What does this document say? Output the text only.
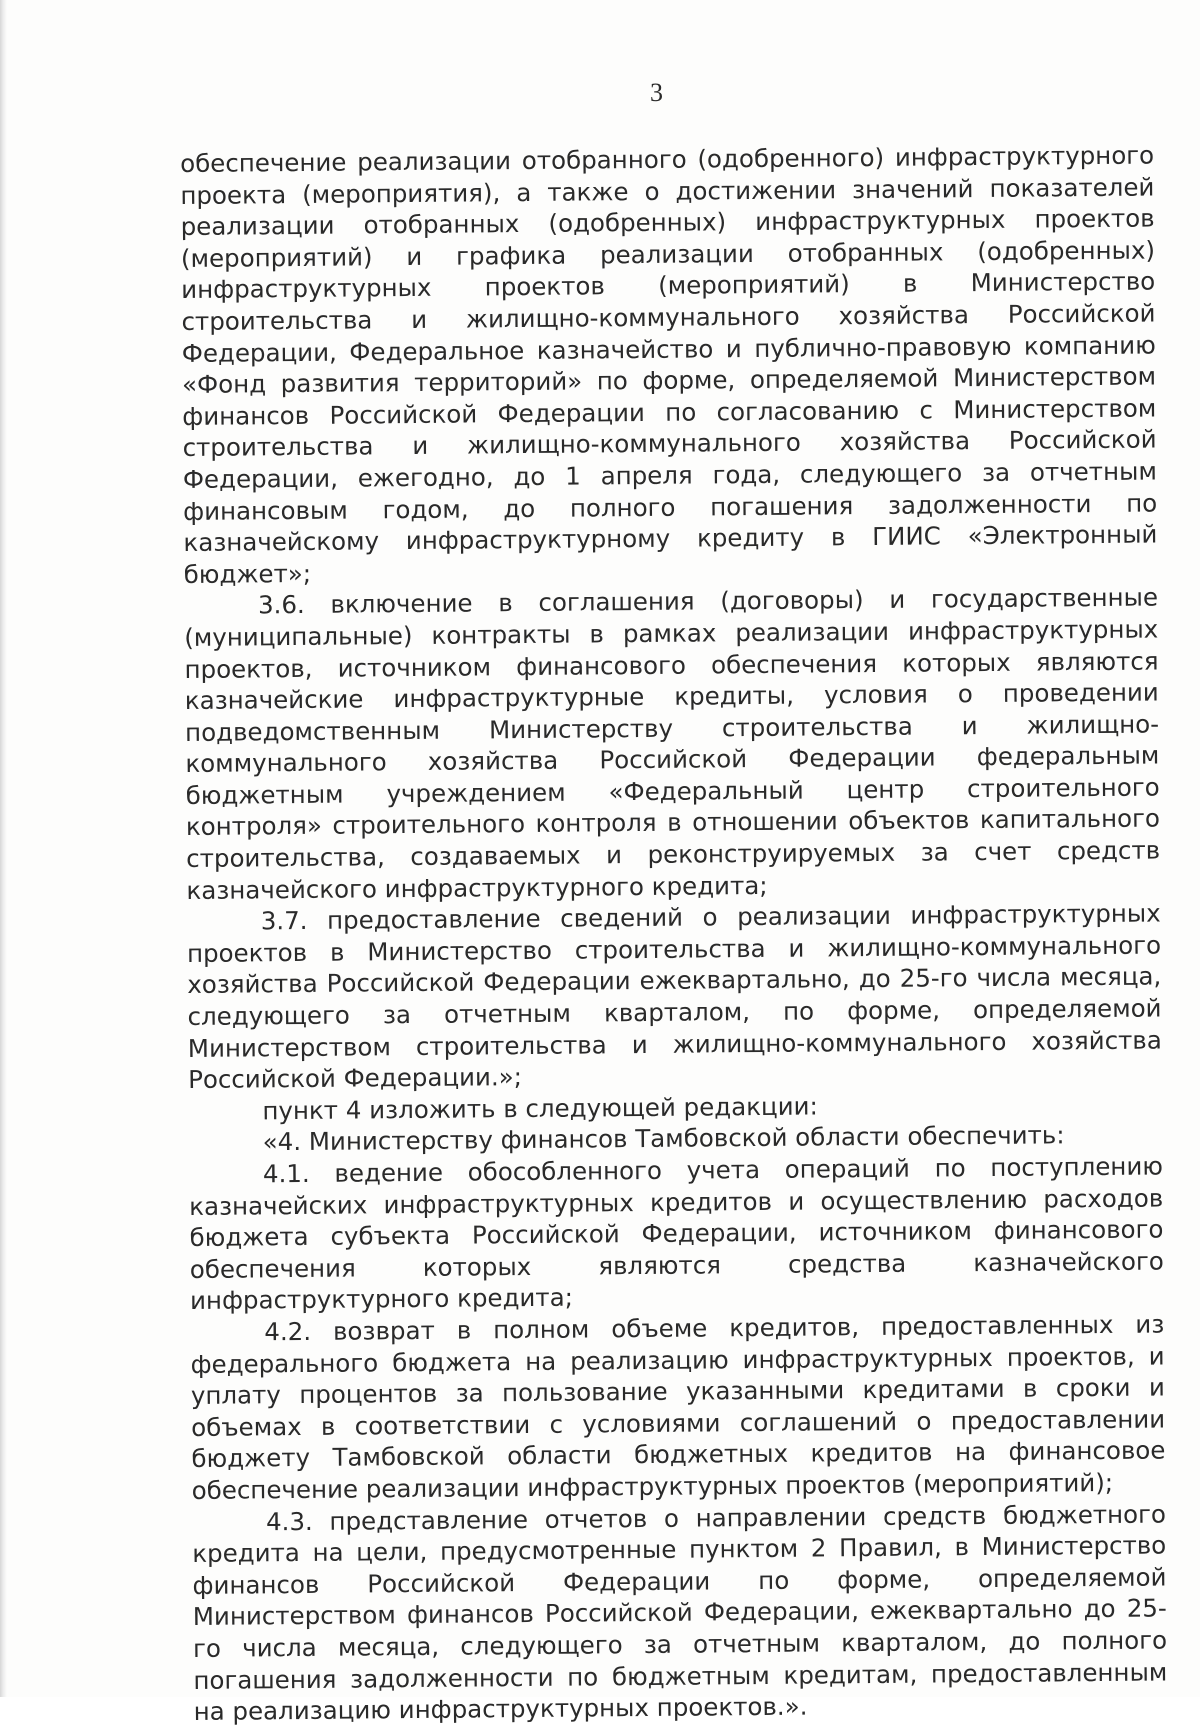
3

обеспечение реализации отобранного (одобренного) инфраструктурного проекта (мероприятия), а также о достижении значений показателей реализации отобранных (одобренных) инфраструктурных проектов (мероприятий) и графика реализации отобранных (одобренных) инфраструктурных проектов (мероприятий) в Министерство строительства и жилищно-коммунального хозяйства Российской Федерации, Федеральное казначейство и публично-правовую компанию «Фонд развития территорий» по форме, определяемой Министерством финансов Российской Федерации по согласованию с Министерством строительства и жилищно-коммунального хозяйства Российской Федерации, ежегодно, до 1 апреля года, следующего за отчетным финансовым годом, до полного погашения задолженности по казначейскому инфраструктурному кредиту в ГИИС «Электронный бюджет»;

3.6. включение в соглашения (договоры) и государственные (муниципальные) контракты в рамках реализации инфраструктурных проектов, источником финансового обеспечения которых являются казначейские инфраструктурные кредиты, условия о проведении подведомственным Министерству строительства и жилищно-коммунального хозяйства Российской Федерации федеральным бюджетным учреждением «Федеральный центр строительного контроля» строительного контроля в отношении объектов капитального строительства, создаваемых и реконструируемых за счет средств казначейского инфраструктурного кредита;

3.7. предоставление сведений о реализации инфраструктурных проектов в Министерство строительства и жилищно-коммунального хозяйства Российской Федерации ежеквартально, до 25-го числа месяца, следующего за отчетным кварталом, по форме, определяемой Министерством строительства и жилищно-коммунального хозяйства Российской Федерации.»;

пункт 4 изложить в следующей редакции:

«4. Министерству финансов Тамбовской области обеспечить:

4.1. ведение обособленного учета операций по поступлению казначейских инфраструктурных кредитов и осуществлению расходов бюджета субъекта Российской Федерации, источником финансового обеспечения которых являются средства казначейского инфраструктурного кредита;

4.2. возврат в полном объеме кредитов, предоставленных из федерального бюджета на реализацию инфраструктурных проектов, и уплату процентов за пользование указанными кредитами в сроки и объемах в соответствии с условиями соглашений о предоставлении бюджету Тамбовской области бюджетных кредитов на финансовое обеспечение реализации инфраструктурных проектов (мероприятий);

4.3. представление отчетов о направлении средств бюджетного кредита на цели, предусмотренные пунктом 2 Правил, в Министерство финансов Российской Федерации по форме, определяемой Министерством финансов Российской Федерации, ежеквартально до 25-го числа месяца, следующего за отчетным кварталом, до полного погашения задолженности по бюджетным кредитам, предоставленным на реализацию инфраструктурных проектов.».
